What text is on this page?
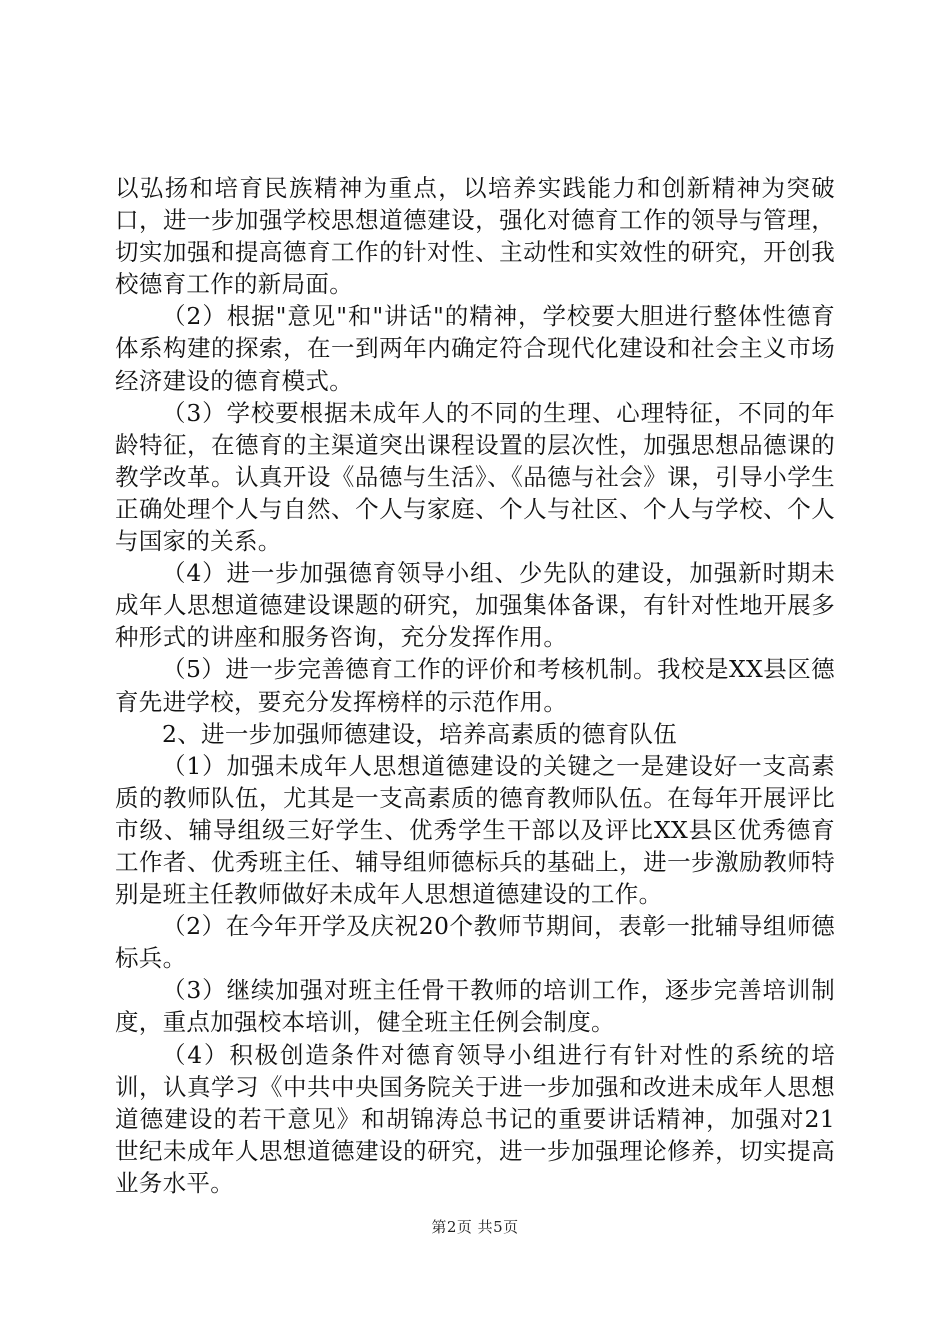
以弘扬和培育民族精神为重点，以培养实践能力和创新精神为突破口，进一步加强学校思想道德建设，强化对德育工作的领导与管理，切实加强和提高德育工作的针对性、主动性和实效性的研究，开创我校德育工作的新局面。

（2）根据"意见"和"讲话"的精神，学校要大胆进行整体性德育体系构建的探索，在一到两年内确定符合现代化建设和社会主义市场经济建设的德育模式。

（3）学校要根据未成年人的不同的生理、心理特征，不同的年龄特征，在德育的主渠道突出课程设置的层次性，加强思想品德课的教学改革。认真开设《品德与生活》、《品德与社会》课，引导小学生正确处理个人与自然、个人与家庭、个人与社区、个人与学校、个人与国家的关系。

（4）进一步加强德育领导小组、少先队的建设，加强新时期未成年人思想道德建设课题的研究，加强集体备课，有针对性地开展多种形式的讲座和服务咨询，充分发挥作用。

（5）进一步完善德育工作的评价和考核机制。我校是XX县区德育先进学校，要充分发挥榜样的示范作用。

2、进一步加强师德建设，培养高素质的德育队伍

（1）加强未成年人思想道德建设的关键之一是建设好一支高素质的教师队伍，尤其是一支高素质的德育教师队伍。在每年开展评比市级、辅导组级三好学生、优秀学生干部以及评比XX县区优秀德育工作者、优秀班主任、辅导组师德标兵的基础上，进一步激励教师特别是班主任教师做好未成年人思想道德建设的工作。

（2）在今年开学及庆祝20个教师节期间，表彰一批辅导组师德标兵。

（3）继续加强对班主任骨干教师的培训工作，逐步完善培训制度，重点加强校本培训，健全班主任例会制度。

（4）积极创造条件对德育领导小组进行有针对性的系统的培训，认真学习《中共中央国务院关于进一步加强和改进未成年人思想道德建设的若干意见》和胡锦涛总书记的重要讲话精神，加强对21世纪未成年人思想道德建设的研究，进一步加强理论修养，切实提高业务水平。

第2页 共5页
